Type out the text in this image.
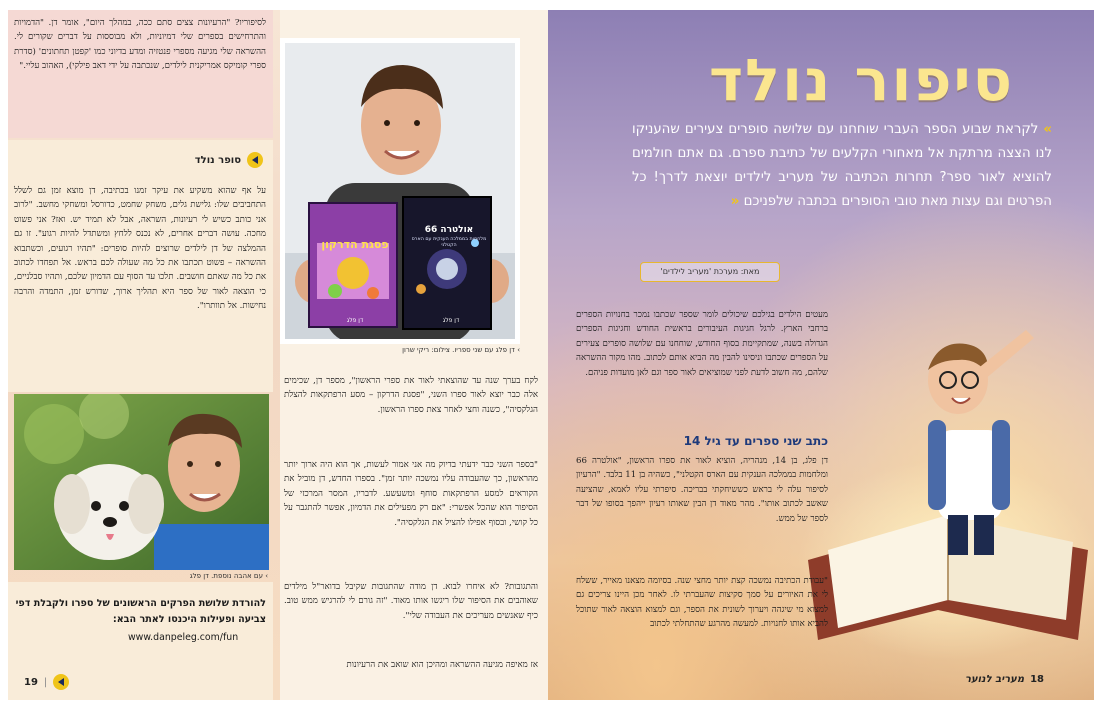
לסיפוריו? "הרעיונות צצים סתם ככה, במהלך היום", אומר דן. "הדמויות והתרחישים בספרים שלי דמיוניות, ולא מבוססות על דברים שקורים לי. ההשראה שלי מגיעה מספרי פנטזיה ומדע בדיוני כמו 'קפטן תחתונים' (סדרת ספרי קומיקס אמריקנית לילדים, שנכתבה על ידי דאב פילקי), האהוב עליי."
סופר נולד
על אף שהוא משקיע את עיקר זמנו בכתיבה, דן מוצא זמן גם לשלל התחביבים שלו: גלישת גלים, משחק שחמט, כדורסל ומשחקי מחשב. "לרוב אני כותב כשיש לי רעיונות, השראה, אבל לא תמיד יש. ואז? אני פשוט מחכה. עושה דברים אחרים, לא נכנס ללחץ ומשתדל להיות רגוע". זו גם ההמלצה של דן לילדים שרוצים להיות סופרים: "תהיו רגועים, וכשתבוא ההשראה – פשוט תכתבו את כל מה שעולה לכם בראש. אל תפחדו לכתוב את כל מה שאתם חושבים. תלכו עד הסוף עם הדמיון שלכם, ותהיו סבלניים, כי הוצאה לאור של ספר היא תהליך ארוך, שדורש זמן, התמדה והרבה נחישות. אל תוותרו".
› עם אהבה נוספת. דן פלג
להורדת שלושת הפרקים הראשונים של ספרו ולקבלת דפי צביעה ופעילות היכנסו לאתר הבא:
www.danpeleg.com/fun
19 |
פסגת הדרקון
דן פלג
אולטרה 66
מלחמות בממלכה הענקית עם הארס הקטלני
דן פלג
› דן פלג עם שני ספריו. צילום: ריקי שרון
לקח בערך שנה עד שהוצאתי לאור את ספרי הראשון", מספר דן, שכימים אלה כבר יוצא לאור ספרו השני, "פסגת הדרקון – מסע הרפתקאות להצלת הגלקסיה", כשנה וחצי לאחר צאת ספרו הראשון.
"בספר השני כבר ידעתי בדיוק מה אני אמור לעשות, אך הוא היה ארוך יותר מהראשון, כך שהעבודה עליו נמשכה יותר זמן". בספרו החדש, דן מוביל את הקוראים למסע הרפתקאות סוחף ומשעשע. לדבריו, המסר המרכזי של הסיפור הוא שהכל אפשרי: "אם רק מפעילים את הדמיון, אפשר להתגבר על כל קושי, ובסוף אפילו להציל את הגלקסיה".
והתגובות? לא איחרו לבוא. דן מודה שהתגובות שקיבל בדואר"ל מילדים שאוהבים את הסיפור שלו ריגשו אותו מאוד. "זה גורם לי להרגיש ממש טוב. כיף שאנשים מעריכים את העבודה שלי".
אז מאיפה מגיעה ההשראה ומהיכן הוא שואב את הרעיונות
סיפור נולד
» לקראת שבוע הספר העברי שוחחנו עם שלושה סופרים צעירים שהעניקו לנו הצצה מרתקת אל מאחורי הקלעים של כתיבת ספרם. גם אתם חולמים להוציא לאור ספר? תחרות הכתיבה של מעריב לילדים יוצאת לדרך! כל הפרטים וגם עצות מאת טובי הסופרים בכתבה שלפניכם «
מאת: מערכת 'מעריב לילדים'
מעטים הילדים בגילכם שיכולים לומר שספר שכתבו נמכר בחנויות הספרים ברחבי הארץ. לרגל חגיגות העיבורים בראשית החודש וחגיגות הספרים הגדולה בשנה, שמתקיימת בסוף החודש, שוחחנו עם שלושה סופרים צעירים על הספרים שכתבו וניסינו להבין מה הביא אותם לכתוב. מהו מקור ההשראה שלהם, מה חשוב לדעת לפני שמוציאים לאור ספר וגם לאן מועדות פניהם.
כתב שני ספרים עד גיל 14
דן פלג, בן 14, מנהריה, הוציא לאור את ספרו הראשון, "אולטרה 66 ומלחמות בממלכה הענקית עם הארס הקטלני", כשהיה בן 11 בלבד. "הרעיון לסיפור עלה לי בראש כששיחקתי בבריכה. סיפרתי עליו לאמא, שהציעה שאשב לכתוב אותו". מהר מאוד דן הבין שאותו רעיון ייהפך בסופו של דבר לספר של ממש.
"עבודת הכתיבה נמשכה קצת יותר מחצי שנה. בסיומה מצאנו מאייר, ששלח לי את האיורים על סמך סקיצות שהעברתי לו. לאחר מכן היינו צריכים גם למצוא מי שיגהה ויערוך לשונית את הספר, וגם למצוא הוצאה לאור שתוכל להביא אותו לחנויות. למעשה מהרגע שהתחלתי לכתוב
מעריב לנוער 18
